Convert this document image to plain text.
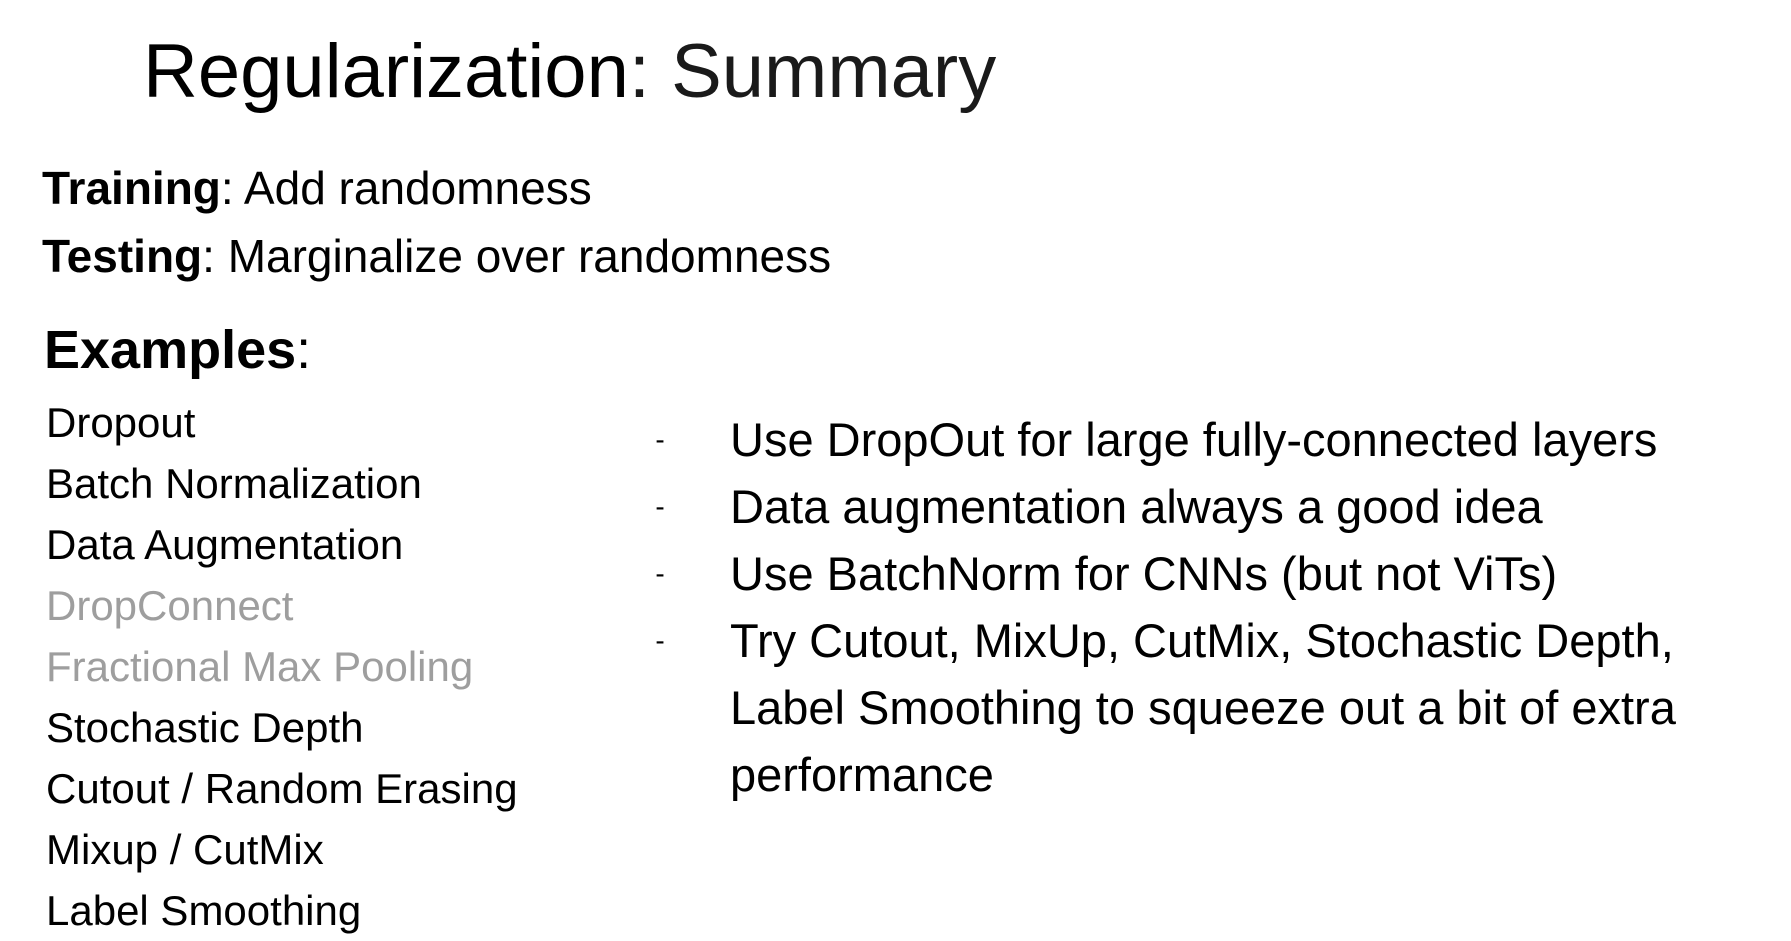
Regularization: Summary
Training: Add randomness
Testing: Marginalize over randomness
Examples:
Dropout
Batch Normalization
Data Augmentation
DropConnect
Fractional Max Pooling
Stochastic Depth
Cutout / Random Erasing
Mixup / CutMix
Label Smoothing
- Use DropOut for large fully-connected layers
- Data augmentation always a good idea
- Use BatchNorm for CNNs (but not ViTs)
- Try Cutout, MixUp, CutMix, Stochastic Depth, Label Smoothing to squeeze out a bit of extra performance
